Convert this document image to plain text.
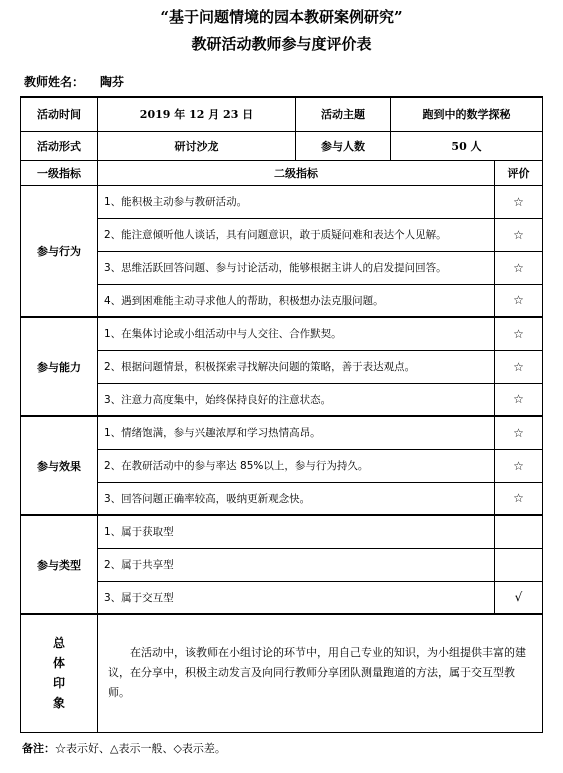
“基于问题情境的园本教研案例研究”
教研活动教师参与度评价表
教师姓名： 陶芬
活动时间	2019 年 12 月 23 日	活动主题	跑到中的数学探秘	
活动形式	研讨沙龙	参与人数	50 人	
一级指标	二级指标			评价
参与行为	1、能积极主动参与教研活动。			☆
	2、能注意倾听他人谈话，具有问题意识，敢于质疑问难和表达个人见解。			☆
	3、思维活跃回答问题、参与讨论活动，能够根据主讲人的启发提问回答。			☆
	4、遇到困难能主动寻求他人的帮助，积极想办法克服问题。			☆
参与能力	1、在集体讨论或小组活动中与人交往、合作默契。			☆
	2、根据问题情景，积极探索寻找解决问题的策略，善于表达观点。			☆
	3、注意力高度集中，始终保持良好的注意状态。			☆
参与效果	1、情绪饱满，参与兴趣浓厚和学习热情高昂。			☆
	2、在教研活动中的参与率达 85%以上，参与行为持久。			☆
	3、回答问题正确率较高，吸纳更新观念快。			☆
参与类型	1、属于获取型			
	2、属于共享型			
	3、属于交互型			√

总
体
印
象	在活动中，该教师在小组讨论的环节中，用自己专业的知识，为小组提供丰富的建议，在分享中，积极主动发言及向同行教师分享团队测量跑道的方法，属于交互型教师。			
备注：☆表示好、△表示一般、◇表示差。
